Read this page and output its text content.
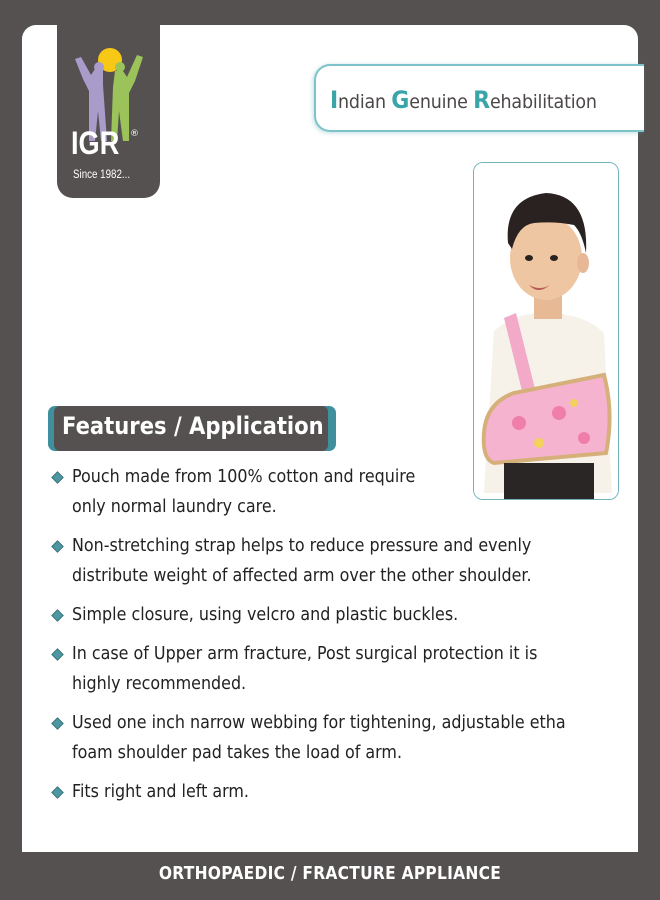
IGR ®
Since 1982...
Indian Genuine Rehabilitation
Features / Application
Pouch made from 100% cotton and require
only normal laundry care.
Non-stretching strap helps to reduce pressure and evenly
distribute weight of affected arm over the other shoulder.
Simple closure, using velcro and plastic buckles.
In case of Upper arm fracture, Post surgical protection it is
highly recommended.
Used one inch narrow webbing for tightening, adjustable etha
foam shoulder pad takes the load of arm.
Fits right and left arm.
ORTHOPAEDIC / FRACTURE APPLIANCE
